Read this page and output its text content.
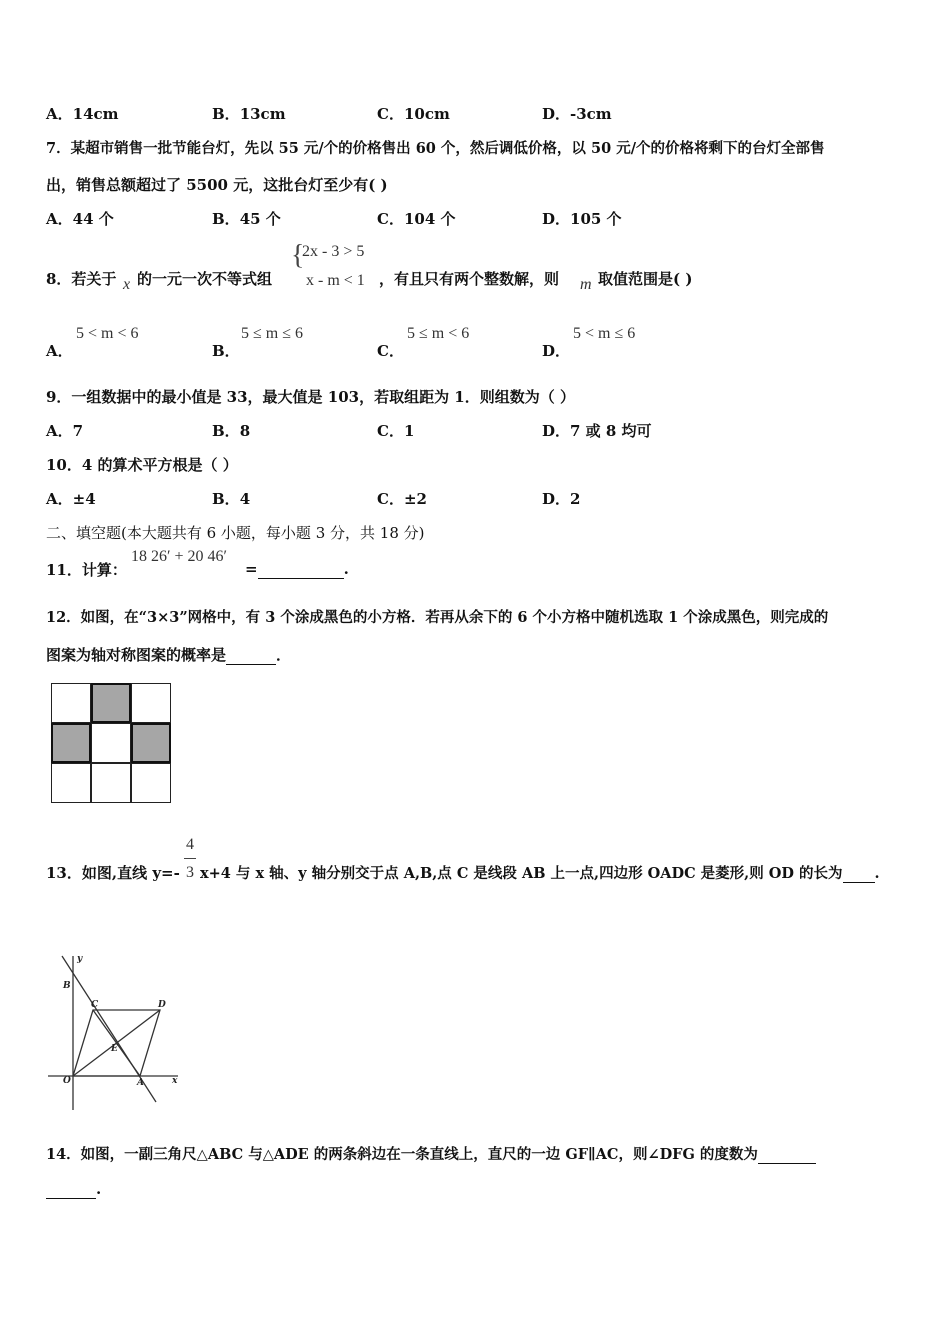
A．14cm	B．13cm	C．10cm	D．-3cm
7．某超市销售一批节能台灯，先以 55 元/个的价格售出 60 个，然后调低价格，以 50 元/个的价格将剩下的台灯全部售
出，销售总额超过了 5500 元，这批台灯至少有( )
A．44 个	B．45 个	C．104 个	D．105 个
8．若关于 x 的一元一次不等式组
{
2x - 3 > 5
x - m < 1 ，有且只有两个整数解，则 m 取值范围是( )
A．
5 < m < 6
B．
5 ≤ m ≤ 6
C．
5 ≤ m < 6
D．
5 < m ≤ 6
9．一组数据中的最小值是 33，最大值是 103，若取组距为 1．则组数为（ ）
A．7	B．8	C．1	D．7 或 8 均可
10．4 的算术平方根是（ ）
A．±4	B．4	C．±2	D．2
二、填空题(本大题共有 6 小题，每小题 3 分，共 18 分)
11．计算：
18 26′ + 20 46′
=	.
12．如图，在“3×3”网格中，有 3 个涂成黑色的小方格．若再从余下的 6 个小方格中随机选取 1 个涂成黑色，则完成的
图案为轴对称图案的概率是	．
13．如图,直线 y=-
4
3 x+4 与 x 轴、y 轴分别交于点 A,B,点 C 是线段 AB 上一点,四边形 OADC 是菱形,则 OD 的长为 .
y
x
B
C	D
E
O	A
14．如图，一副三角尺△ABC 与△ADE 的两条斜边在一条直线上，直尺的一边 GF∥AC，则∠DFG 的度数为
.
